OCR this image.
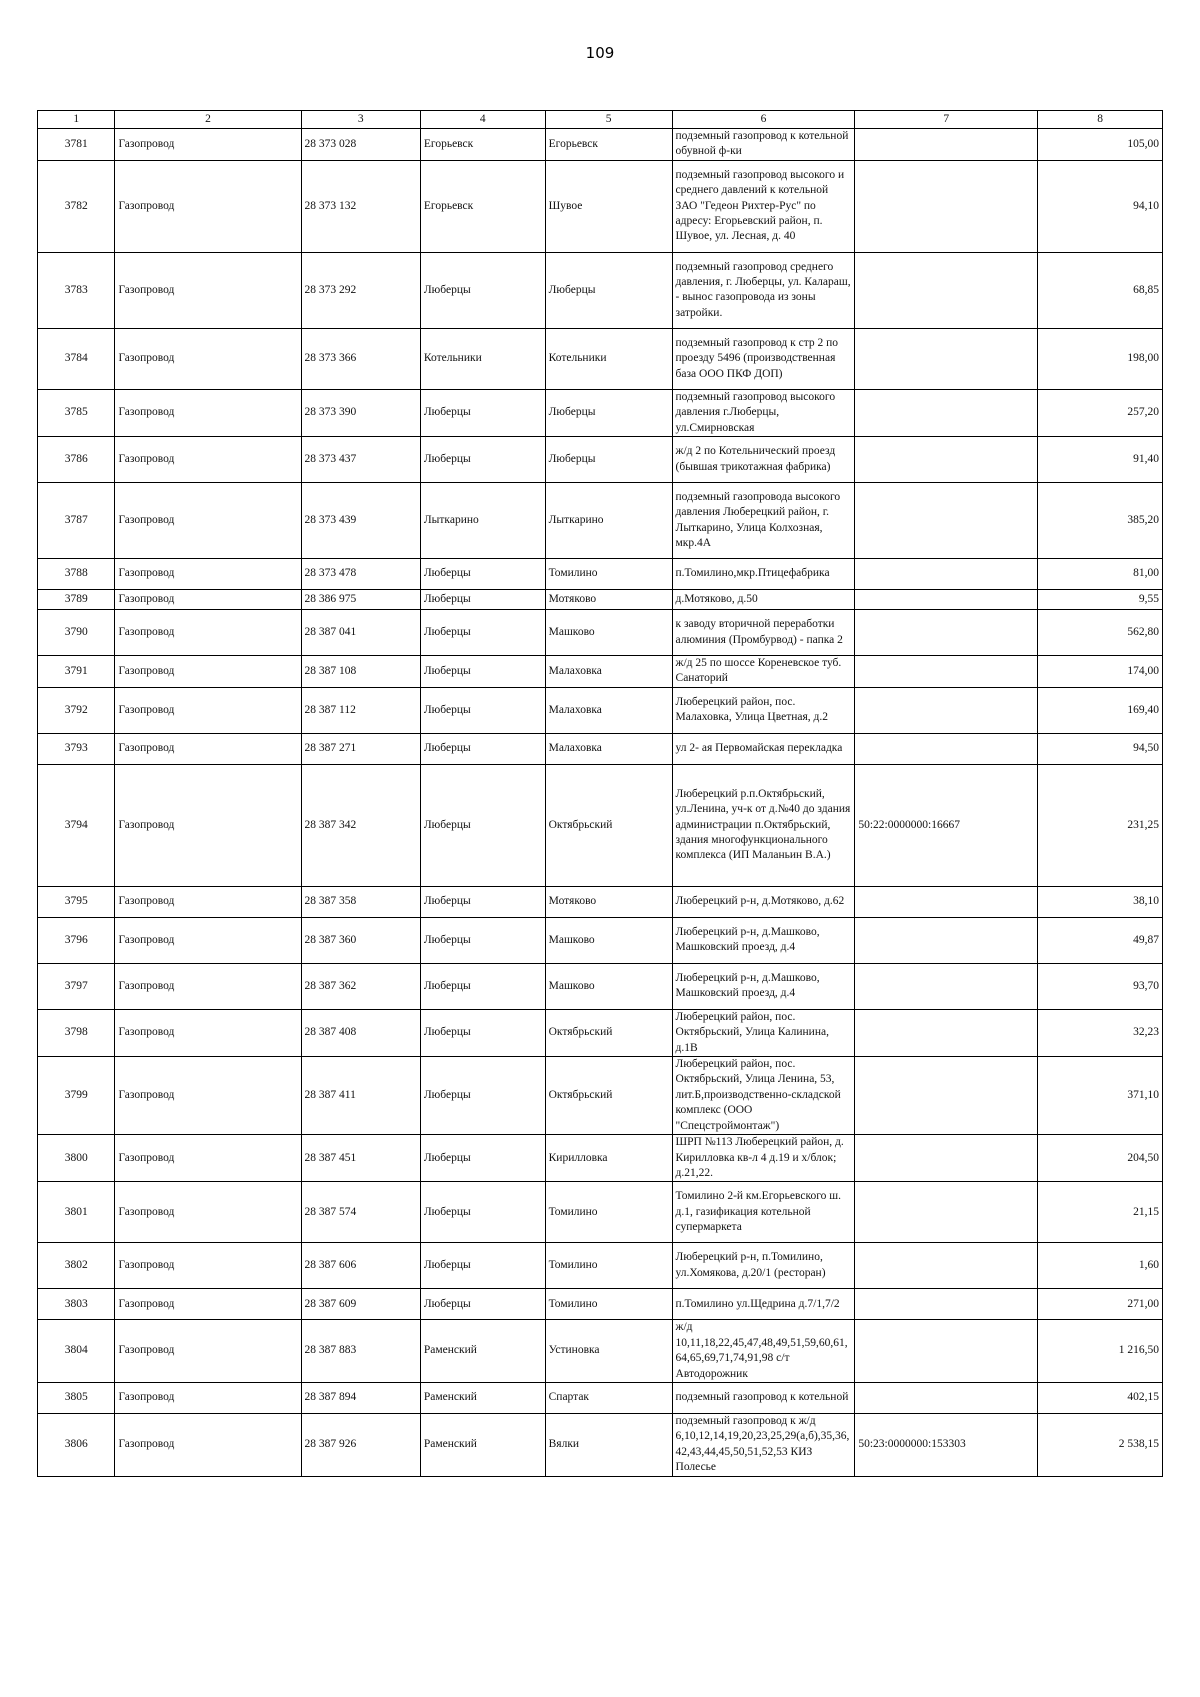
109
1	2	3	4	5	6	7	8
3781	Газопровод	28 373 028	Егорьевск	Егорьевск	подземный газопровод к котельной обувной ф-ки		105,00
3782	Газопровод	28 373 132	Егорьевск	Шувое	подземный газопровод высокого и среднего давлений к котельной ЗАО "Гедеон Рихтер-Рус" по адресу: Егорьевский район, п. Шувое, ул. Лесная, д. 40		94,10
3783	Газопровод	28 373 292	Люберцы	Люберцы	подземный газопровод среднего давления, г. Люберцы, ул. Калараш, - вынос газопровода из зоны затройки.		68,85
3784	Газопровод	28 373 366	Котельники	Котельники	подземный газопровод к стр 2 по проезду 5496 (производственная база ООО ПКФ ДОП)		198,00
3785	Газопровод	28 373 390	Люберцы	Люберцы	подземный газопровод высокого давления г.Люберцы, ул.Смирновская		257,20
3786	Газопровод	28 373 437	Люберцы	Люберцы	ж/д 2 по Котельнический проезд (бывшая трикотажная фабрика)		91,40
3787	Газопровод	28 373 439	Лыткарино	Лыткарино	подземный газопровода высокого давления Люберецкий район, г. Лыткарино, Улица Колхозная, мкр.4А		385,20
3788	Газопровод	28 373 478	Люберцы	Томилино	п.Томилино,мкр.Птицефабрика		81,00
3789	Газопровод	28 386 975	Люберцы	Мотяково	д.Мотяково, д.50		9,55
3790	Газопровод	28 387 041	Люберцы	Машково	к заводу вторичной переработки алюминия (Промбурвод) - папка 2		562,80
3791	Газопровод	28 387 108	Люберцы	Малаховка	ж/д 25 по шоссе Кореневское туб. Санаторий		174,00
3792	Газопровод	28 387 112	Люберцы	Малаховка	Люберецкий район, пос. Малаховка, Улица Цветная, д.2		169,40
3793	Газопровод	28 387 271	Люберцы	Малаховка	ул 2- ая Первомайская перекладка		94,50
3794	Газопровод	28 387 342	Люберцы	Октябрьский	Люберецкий р.п.Октябрьский, ул.Ленина, уч-к от д.№40 до здания администрации п.Октябрьский, здания многофункционального комплекса (ИП Маланьин В.А.)	50:22:0000000:16667	231,25
3795	Газопровод	28 387 358	Люберцы	Мотяково	Люберецкий р-н, д.Мотяково, д.62		38,10
3796	Газопровод	28 387 360	Люберцы	Машково	Люберецкий р-н, д.Машково, Машковский проезд, д.4		49,87
3797	Газопровод	28 387 362	Люберцы	Машково	Люберецкий р-н, д.Машково, Машковский проезд, д.4		93,70
3798	Газопровод	28 387 408	Люберцы	Октябрьский	Люберецкий район, пос. Октябрьский, Улица Калинина, д.1В		32,23
3799	Газопровод	28 387 411	Люберцы	Октябрьский	Люберецкий район, пос. Октябрьский, Улица Ленина, 53, лит.Б,производственно-складской комплекс (ООО "Спецстроймонтаж")		371,10
3800	Газопровод	28 387 451	Люберцы	Кирилловка	ШРП №113 Люберецкий район, д. Кирилловка кв-л 4 д.19 и х/блок; д.21,22.		204,50
3801	Газопровод	28 387 574	Люберцы	Томилино	Томилино 2-й км.Егорьевского ш. д.1, газификация котельной супермаркета		21,15
3802	Газопровод	28 387 606	Люберцы	Томилино	Люберецкий р-н, п.Томилино, ул.Хомякова, д.20/1 (ресторан)		1,60
3803	Газопровод	28 387 609	Люберцы	Томилино	п.Томилино ул.Щедрина д.7/1,7/2		271,00
3804	Газопровод	28 387 883	Раменский	Устиновка	ж/д 10,11,18,22,45,47,48,49,51,59,60,61,64,65,69,71,74,91,98 с/т Автодорожник		1 216,50
3805	Газопровод	28 387 894	Раменский	Спартак	подземный газопровод к котельной		402,15
3806	Газопровод	28 387 926	Раменский	Вялки	подземный газопровод к ж/д 6,10,12,14,19,20,23,25,29(а,б),35,36,42,43,44,45,50,51,52,53 КИЗ Полесье	50:23:0000000:153303	2 538,15
